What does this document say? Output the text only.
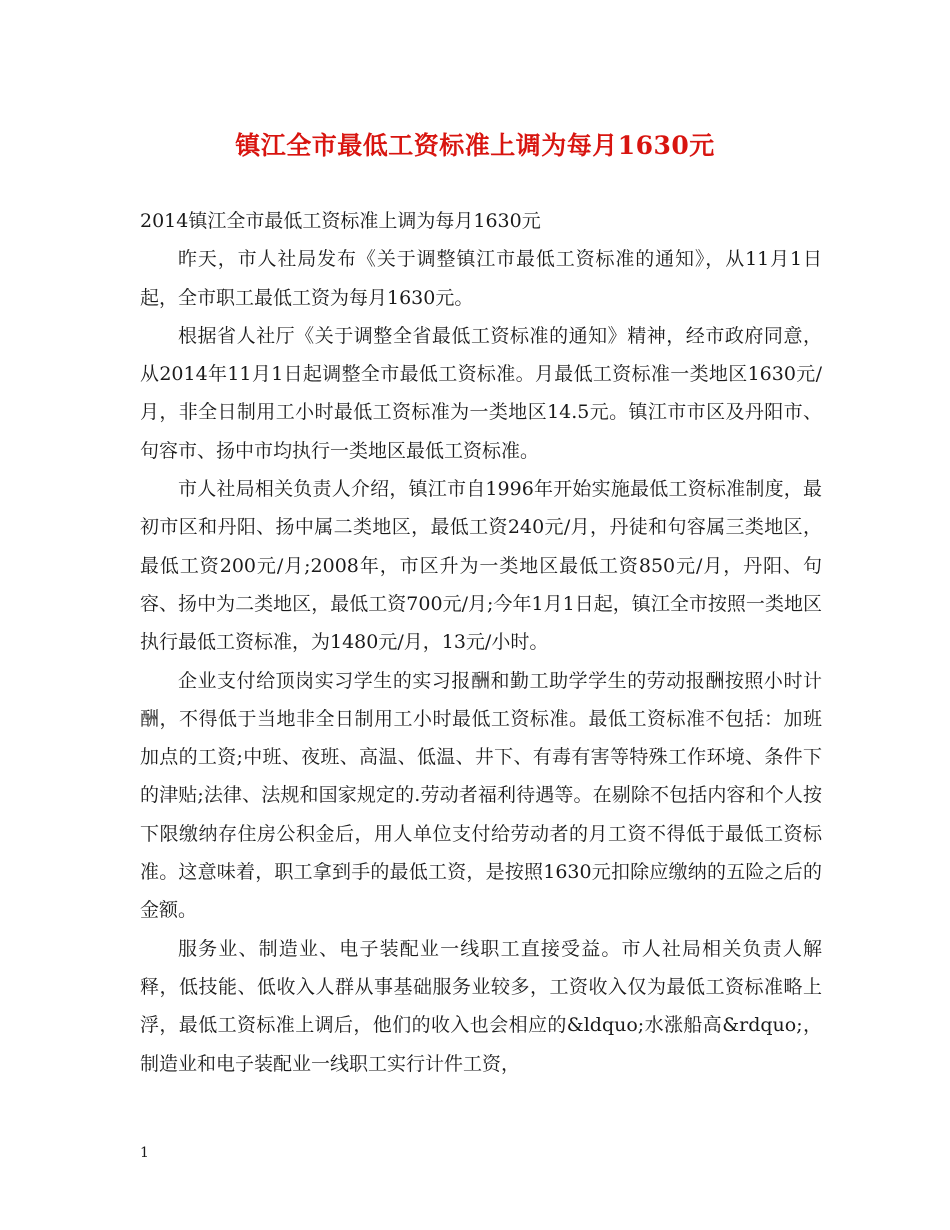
镇江全市最低工资标准上调为每月1630元

2014镇江全市最低工资标准上调为每月1630元

昨天，市人社局发布《关于调整镇江市最低工资标准的通知》，从11月1日起，全市职工最低工资为每月1630元。

根据省人社厅《关于调整全省最低工资标准的通知》精神，经市政府同意，从2014年11月1日起调整全市最低工资标准。月最低工资标准一类地区1630元/月，非全日制用工小时最低工资标准为一类地区14.5元。镇江市市区及丹阳市、句容市、扬中市均执行一类地区最低工资标准。

市人社局相关负责人介绍，镇江市自1996年开始实施最低工资标准制度，最初市区和丹阳、扬中属二类地区，最低工资240元/月，丹徒和句容属三类地区，最低工资200元/月;2008年，市区升为一类地区最低工资850元/月，丹阳、句容、扬中为二类地区，最低工资700元/月;今年1月1日起，镇江全市按照一类地区执行最低工资标准，为1480元/月，13元/小时。

企业支付给顶岗实习学生的实习报酬和勤工助学学生的劳动报酬按照小时计酬，不得低于当地非全日制用工小时最低工资标准。最低工资标准不包括：加班加点的工资;中班、夜班、高温、低温、井下、有毒有害等特殊工作环境、条件下的津贴;法律、法规和国家规定的.劳动者福利待遇等。在剔除不包括内容和个人按下限缴纳存住房公积金后，用人单位支付给劳动者的月工资不得低于最低工资标准。这意味着，职工拿到手的最低工资，是按照1630元扣除应缴纳的五险之后的金额。

服务业、制造业、电子装配业一线职工直接受益。市人社局相关负责人解释，低技能、低收入人群从事基础服务业较多，工资收入仅为最低工资标准略上浮，最低工资标准上调后，他们的收入也会相应的&ldquo;水涨船高&rdquo;，制造业和电子装配业一线职工实行计件工资，

1
